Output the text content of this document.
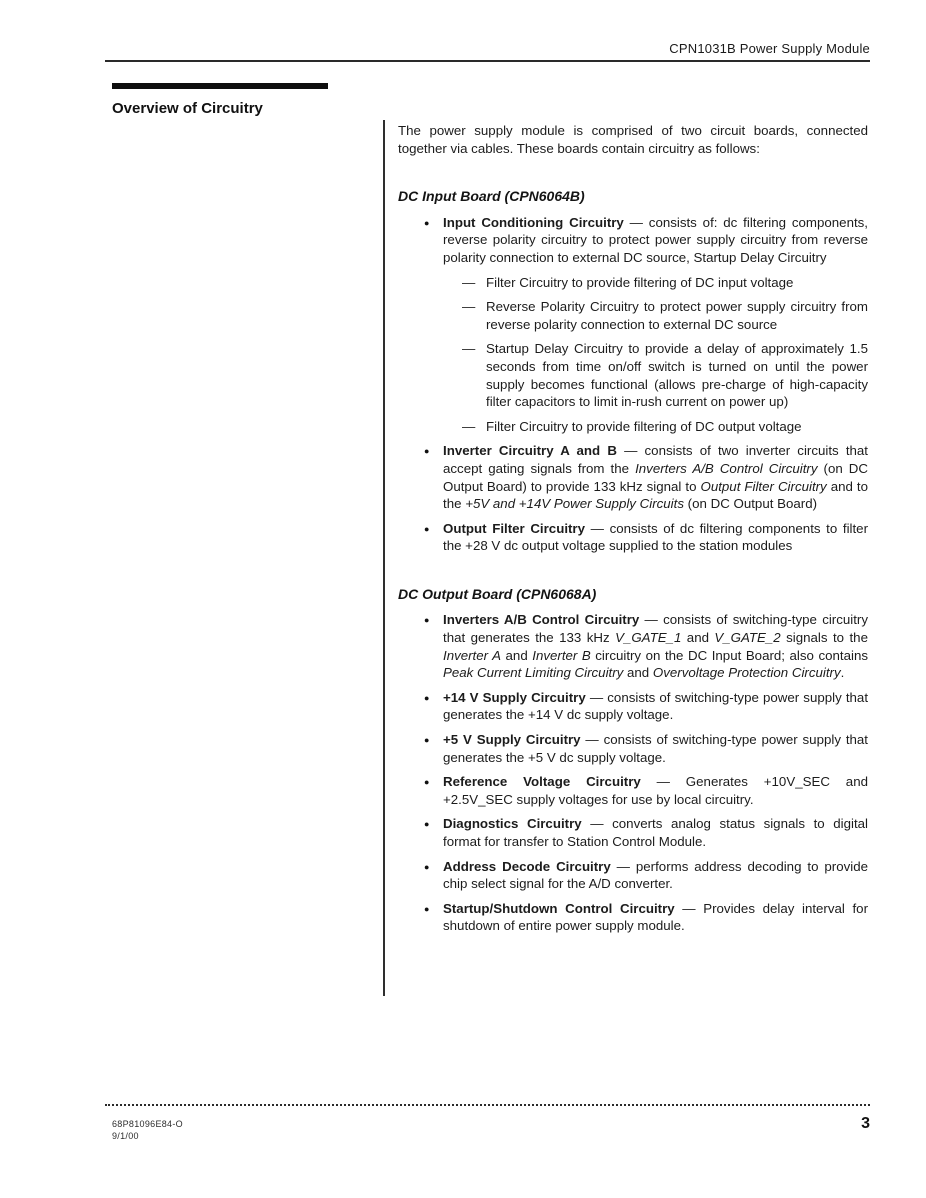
CPN1031B Power Supply Module
Overview of Circuitry

The power supply module is comprised of two circuit boards, connected together via cables. These boards contain circuitry as follows:

DC Input Board (CPN6064B)
● Input Conditioning Circuitry — consists of: dc filtering components, reverse polarity circuitry to protect power supply circuitry from reverse polarity connection to external DC source, Startup Delay Circuitry
— Filter Circuitry to provide filtering of DC input voltage
— Reverse Polarity Circuitry to protect power supply circuitry from reverse polarity connection to external DC source
— Startup Delay Circuitry to provide a delay of approximately 1.5 seconds from time on/off switch is turned on until the power supply becomes functional (allows pre-charge of high-capacity filter capacitors to limit in-rush current on power up)
— Filter Circuitry to provide filtering of DC output voltage
● Inverter Circuitry A and B — consists of two inverter circuits that accept gating signals from the Inverters A/B Control Circuitry (on DC Output Board) to provide 133 kHz signal to Output Filter Circuitry and to the +5V and +14V Power Supply Circuits (on DC Output Board)
● Output Filter Circuitry — consists of dc filtering components to filter the +28 V dc output voltage supplied to the station modules
DC Output Board (CPN6068A)
● Inverters A/B Control Circuitry — consists of switching-type circuitry that generates the 133 kHz V_GATE_1 and V_GATE_2 signals to the Inverter A and Inverter B circuitry on the DC Input Board; also contains Peak Current Limiting Circuitry and Overvoltage Protection Circuitry.
● +14 V Supply Circuitry — consists of switching-type power supply that generates the +14 V dc supply voltage.
● +5 V Supply Circuitry — consists of switching-type power supply that generates the +5 V dc supply voltage.
● Reference Voltage Circuitry — Generates +10V_SEC and +2.5V_SEC supply voltages for use by local circuitry.
● Diagnostics Circuitry — converts analog status signals to digital format for transfer to Station Control Module.
● Address Decode Circuitry — performs address decoding to provide chip select signal for the A/D converter.
● Startup/Shutdown Control Circuitry — Provides delay interval for shutdown of entire power supply module.
68P81096E84-O
9/1/00
3
